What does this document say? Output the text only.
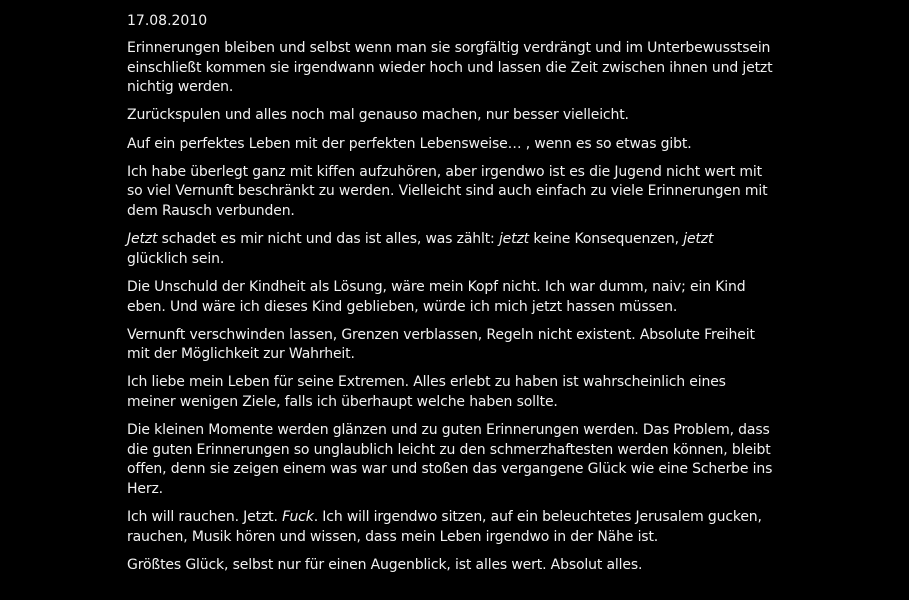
17.08.2010

Erinnerungen bleiben und selbst wenn man sie sorgfältig verdrängt und im Unterbewusstsein einschließt kommen sie irgendwann wieder hoch und lassen die Zeit zwischen ihnen und jetzt nichtig werden.

Zurückspulen und alles noch mal genauso machen, nur besser vielleicht.

Auf ein perfektes Leben mit der perfekten Lebensweise… , wenn es so etwas gibt.

Ich habe überlegt ganz mit kiffen aufzuhören, aber irgendwo ist es die Jugend nicht wert mit so viel Vernunft beschränkt zu werden. Vielleicht sind auch einfach zu viele Erinnerungen mit dem Rausch verbunden.

Jetzt schadet es mir nicht und das ist alles, was zählt: jetzt keine Konsequenzen, jetzt glücklich sein.

Die Unschuld der Kindheit als Lösung, wäre mein Kopf nicht. Ich war dumm, naiv; ein Kind eben. Und wäre ich dieses Kind geblieben, würde ich mich jetzt hassen müssen.

Vernunft verschwinden lassen, Grenzen verblassen, Regeln nicht existent. Absolute Freiheit mit der Möglichkeit zur Wahrheit.

Ich liebe mein Leben für seine Extremen. Alles erlebt zu haben ist wahrscheinlich eines meiner wenigen Ziele, falls ich überhaupt welche haben sollte.

Die kleinen Momente werden glänzen und zu guten Erinnerungen werden. Das Problem, dass die guten Erinnerungen so unglaublich leicht zu den schmerzhaftesten werden können, bleibt offen, denn sie zeigen einem was war und stoßen das vergangene Glück wie eine Scherbe ins Herz.

Ich will rauchen. Jetzt. Fuck. Ich will irgendwo sitzen, auf ein beleuchtetes Jerusalem gucken, rauchen, Musik hören und wissen, dass mein Leben irgendwo in der Nähe ist.

Größtes Glück, selbst nur für einen Augenblick, ist alles wert. Absolut alles.
